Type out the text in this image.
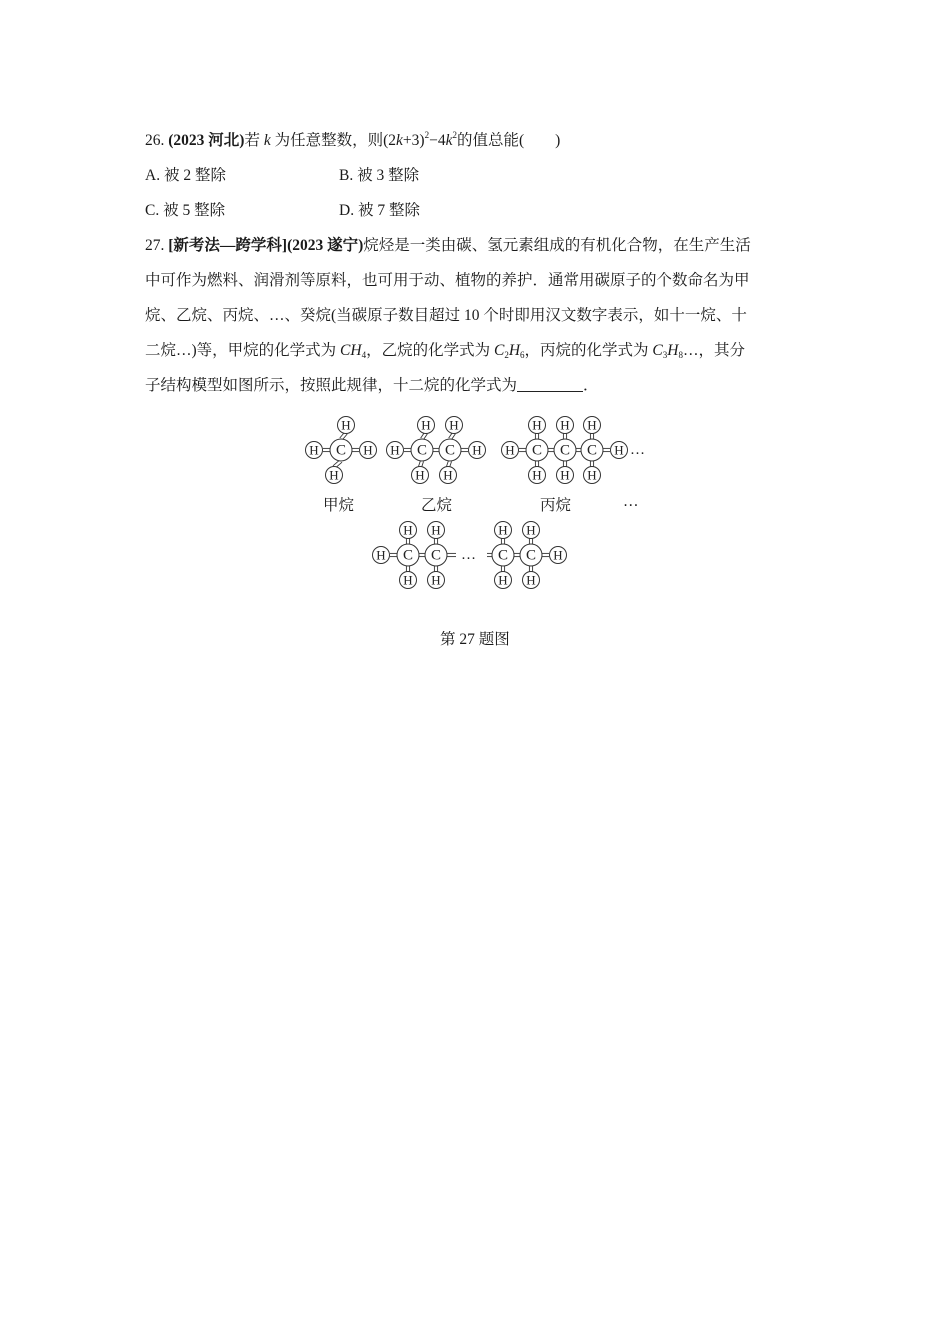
26. (2023 河北)若 k 为任意整数，则$(2k+3)^2-4k^2$的值总能(　　)
A. 被 2 整除	B. 被 3 整除
C. 被 5 整除	D. 被 7 整除
27. [新考法—跨学科](2023 遂宁)烷烃是一类由碳、氢元素组成的有机化合物，在生产生活
中可作为燃料、润滑剂等原料，也可用于动、植物的养护．通常用碳原子的个数命名为甲
烷、乙烷、丙烷、…、癸烷(当碳原子数目超过 10 个时即用汉文数字表示，如十一烷、十
二烷…)等，甲烷的化学式为 $CH_4$，乙烷的化学式为 $C_2H_6$，丙烷的化学式为 $C_3H_8\dots$，其分
子结构模型如图所示，按照此规律，十二烷的化学式为	．
C
H
H
H	H	C C
H
H
H
H
H	H	C C C
H
H
H
H
H
H
H	H …
C C
H
H
H
H
H	… C C
H
H
H
H
H
甲烷	乙烷	丙烷	…
第 27 题图
